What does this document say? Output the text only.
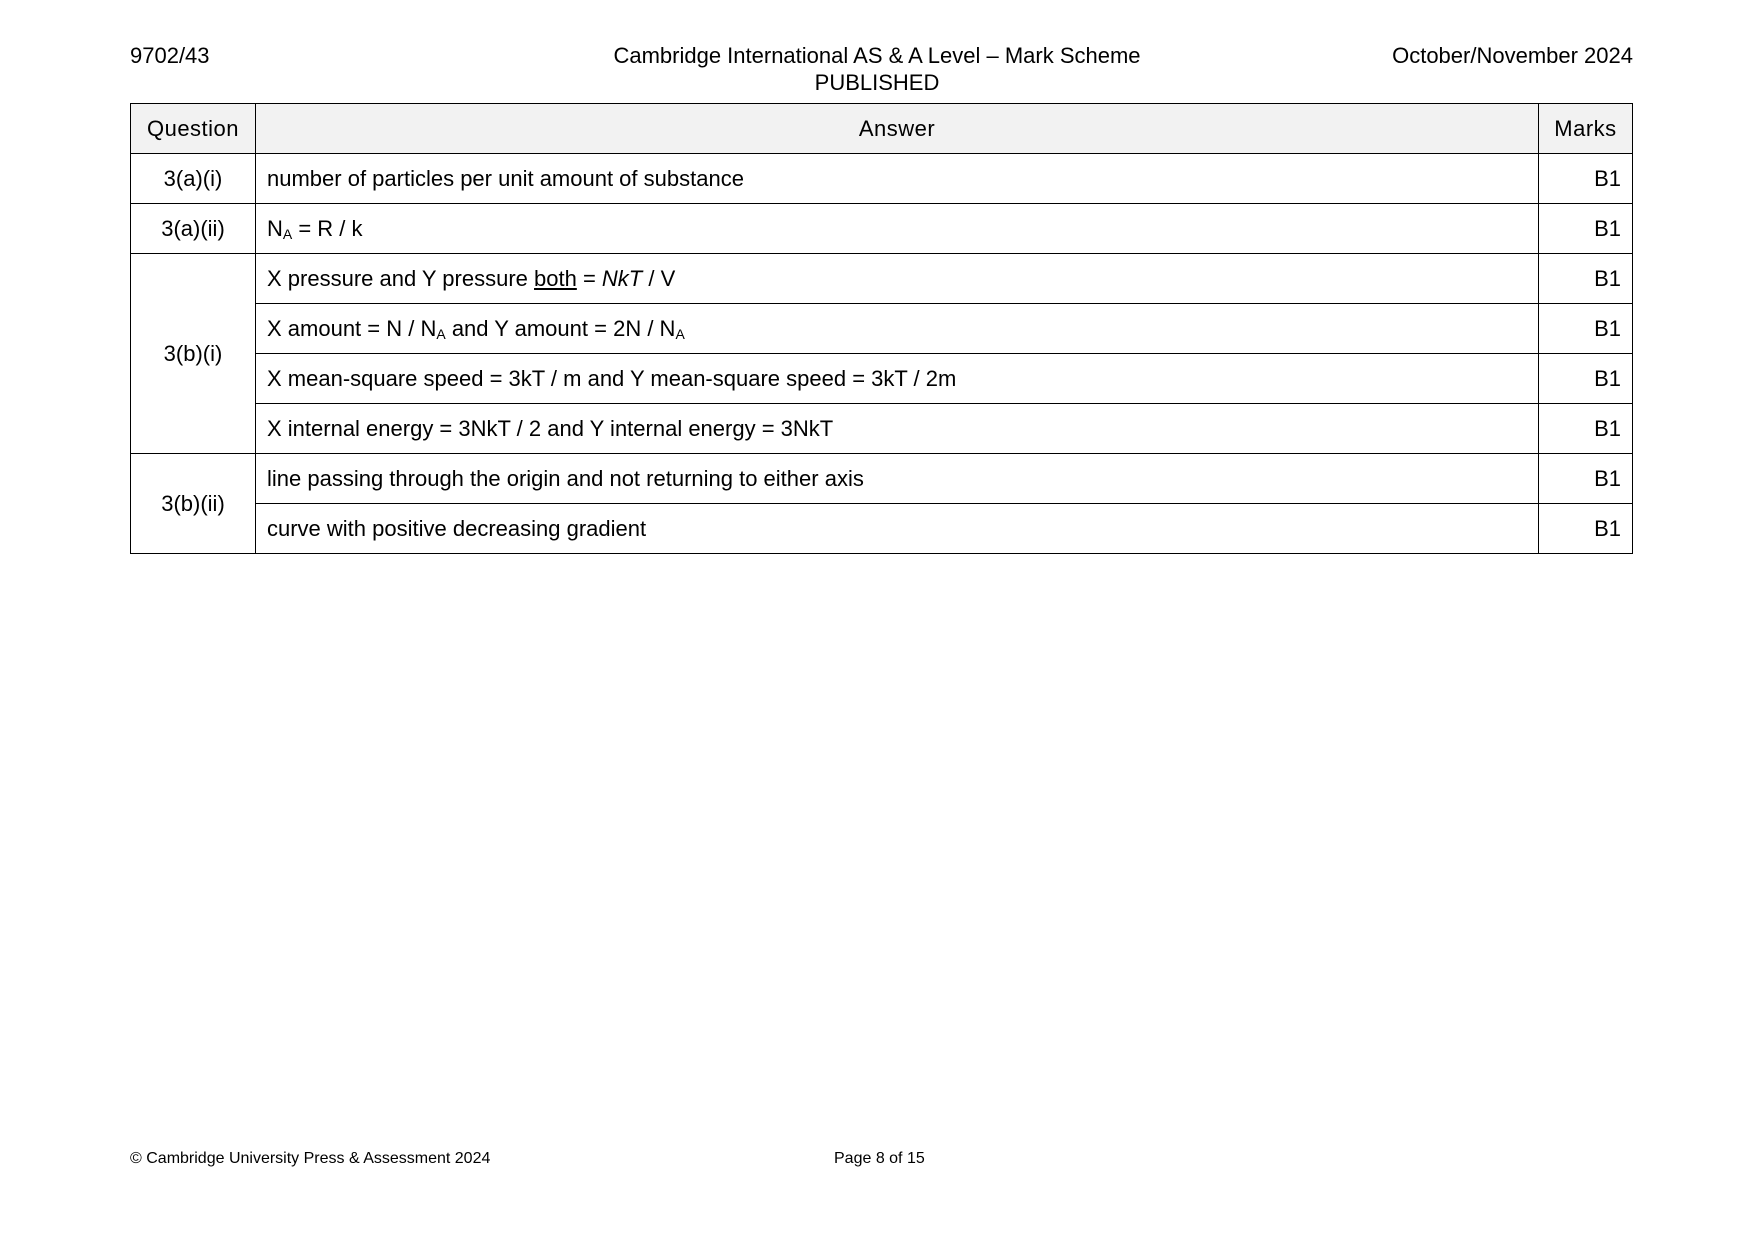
9702/43	Cambridge International AS & A Level – Mark Scheme
PUBLISHED
October/November 2024
Question	Answer	Marks
3(a)(i)	number of particles per unit amount of substance	B1
3(a)(ii)	$N_A = R / k$	B1
3(b)(i)	X pressure and Y pressure both = NkT / V	B1
	X amount = N / $N_A$ and Y amount = $2N / N_A$	B1
	X mean-square speed = 3kT / m and Y mean-square speed = 3kT / 2m	B1
	X internal energy = 3NkT / 2 and Y internal energy = 3NkT	B1
3(b)(ii)	line passing through the origin and not returning to either axis	B1
	curve with positive decreasing gradient	B1
© Cambridge University Press & Assessment 2024	Page 8 of 15
